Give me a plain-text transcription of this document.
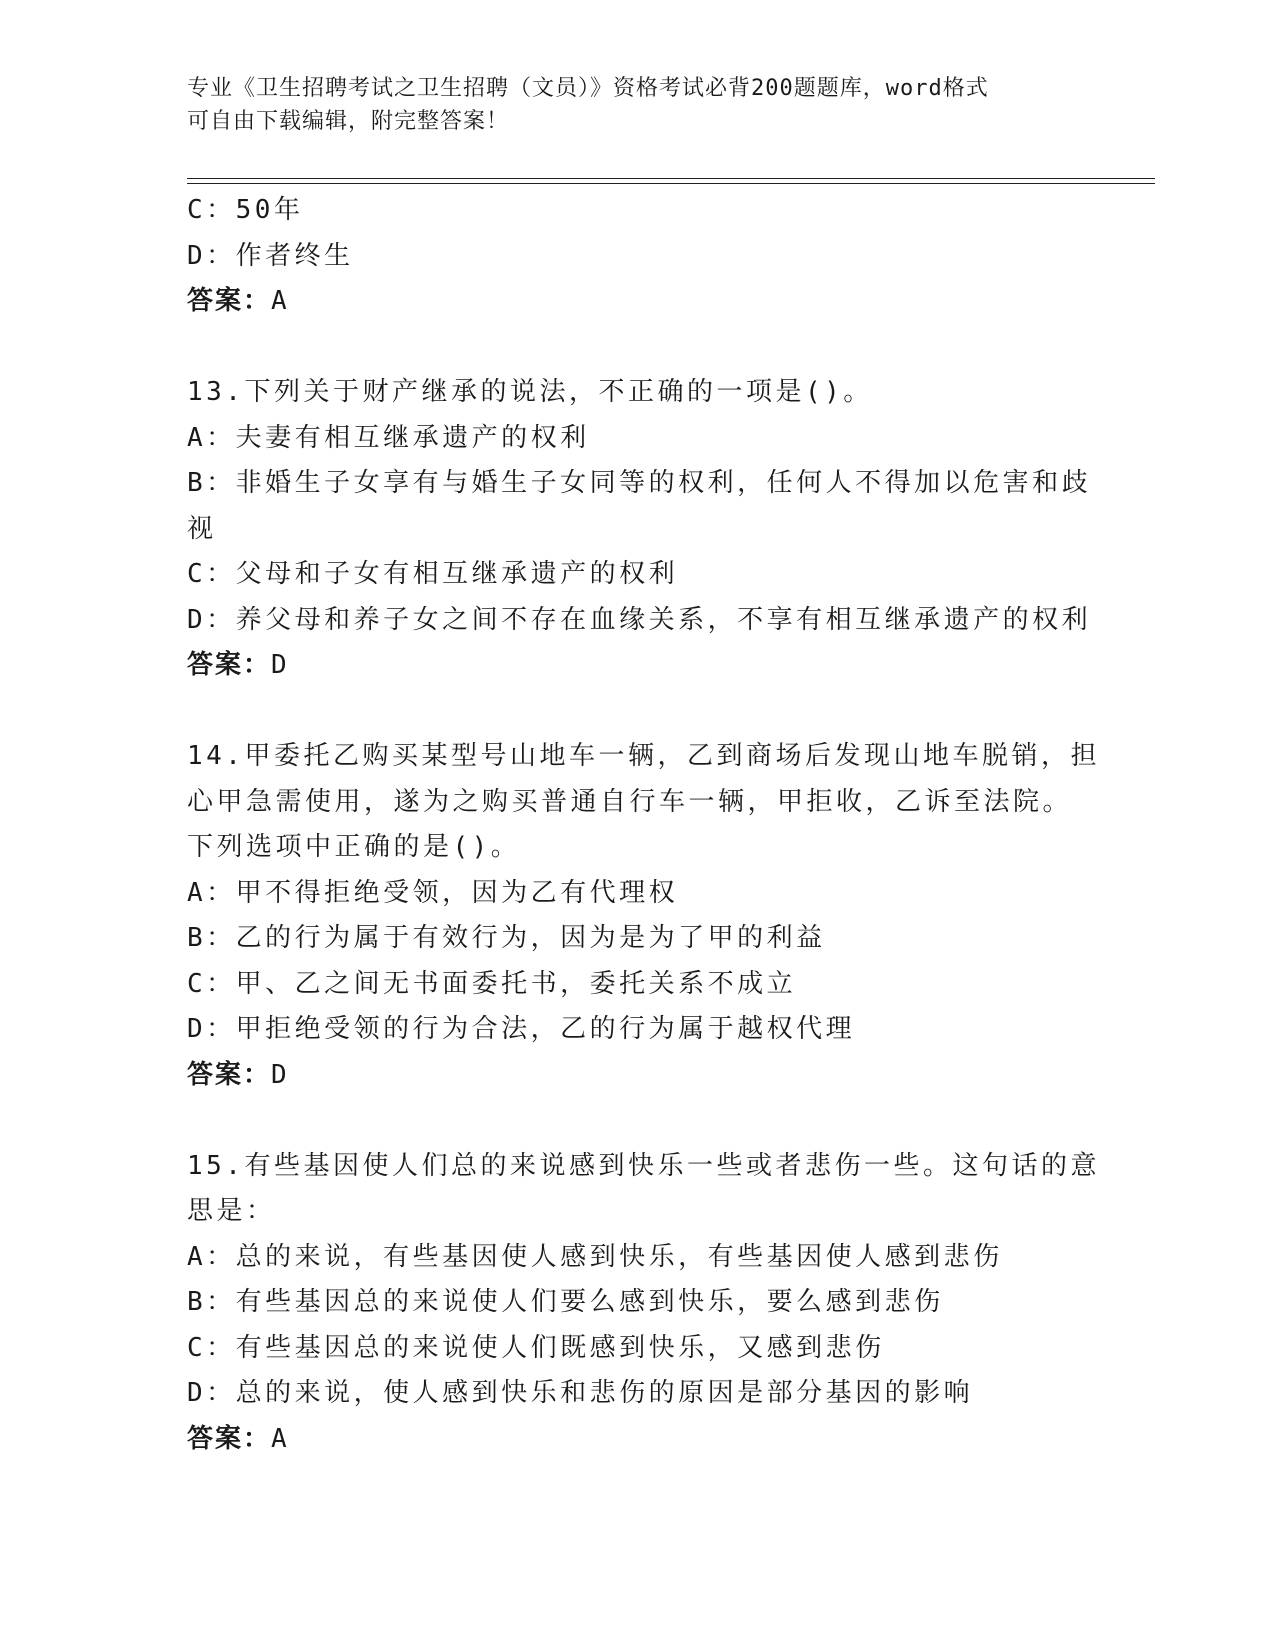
专业《卫生招聘考试之卫生招聘（文员）》资格考试必背200题题库，word格式
可自由下载编辑，附完整答案！
C：50年
D：作者终生
答案：A
13.下列关于财产继承的说法，不正确的一项是()。
A：夫妻有相互继承遗产的权利
B：非婚生子女享有与婚生子女同等的权利，任何人不得加以危害和歧
视
C：父母和子女有相互继承遗产的权利
D：养父母和养子女之间不存在血缘关系，不享有相互继承遗产的权利
答案：D
14.甲委托乙购买某型号山地车一辆，乙到商场后发现山地车脱销，担
心甲急需使用，遂为之购买普通自行车一辆，甲拒收，乙诉至法院。
下列选项中正确的是()。
A：甲不得拒绝受领，因为乙有代理权
B：乙的行为属于有效行为，因为是为了甲的利益
C：甲、乙之间无书面委托书，委托关系不成立
D：甲拒绝受领的行为合法，乙的行为属于越权代理
答案：D
15.有些基因使人们总的来说感到快乐一些或者悲伤一些。这句话的意
思是：
A：总的来说，有些基因使人感到快乐，有些基因使人感到悲伤
B：有些基因总的来说使人们要么感到快乐，要么感到悲伤
C：有些基因总的来说使人们既感到快乐，又感到悲伤
D：总的来说，使人感到快乐和悲伤的原因是部分基因的影响
答案：A
